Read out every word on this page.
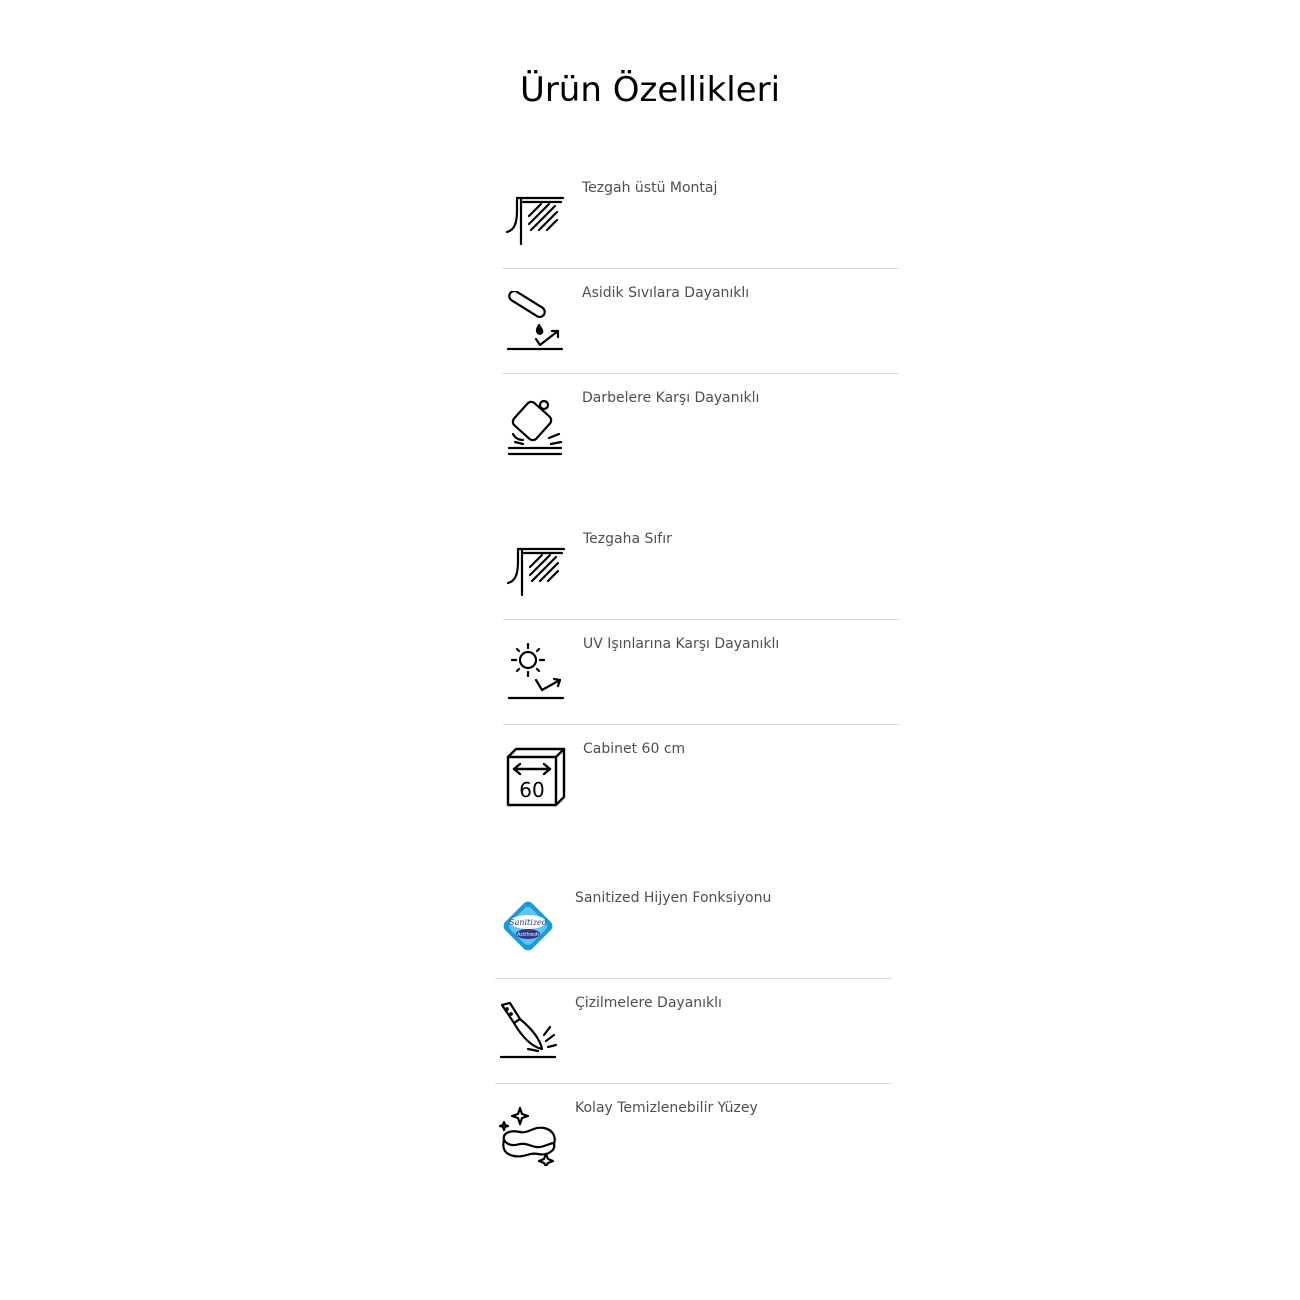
Ürün Özellikleri
Tezgah üstü Montaj
Asidik Sıvılara Dayanıklı
Darbelere Karşı Dayanıklı
Tezgaha Sıfır
UV Işınlarına Karşı Dayanıklı
60
Cabinet 60 cm
Sanitized
Actifresh
Sanitized Hijyen Fonksiyonu
Çizilmelere Dayanıklı
Kolay Temizlenebilir Yüzey
